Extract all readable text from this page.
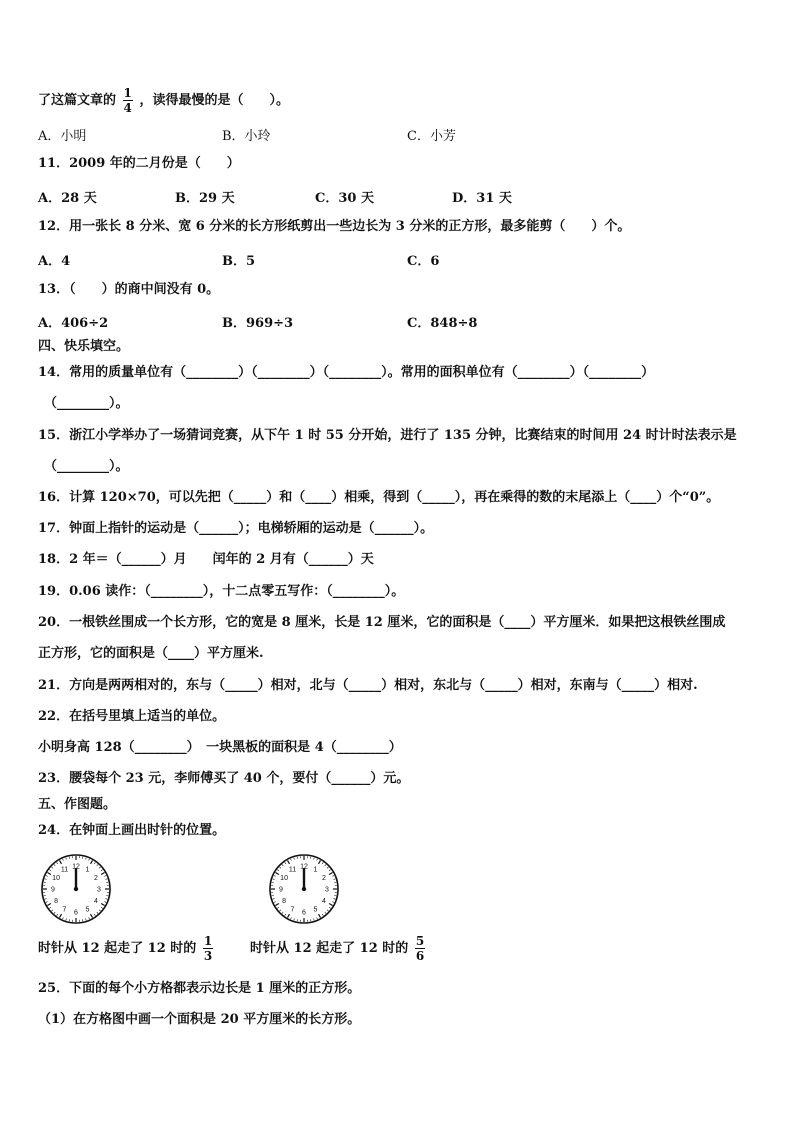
了这篇文章的 $\frac{1}{4}$ ，读得最慢的是（　　）。
A．小明	B．小玲	C．小芳
11．2009 年的二月份是（　　）
A．28 天	B．29 天	C．30 天	D．31 天
12．用一张长 8 分米、宽 6 分米的长方形纸剪出一些边长为 3 分米的正方形，最多能剪（　　）个。
A．4	B．5	C．6
13．（　　）的商中间没有 0。
A．406÷2	B．969÷3	C．848÷8
四、快乐填空。
14．常用的质量单位有（________）（________）（________）。常用的面积单位有（________）（________）
（________）。
15．浙江小学举办了一场猜词竞赛，从下午 1 时 55 分开始，进行了 135 分钟，比赛结束的时间用 24 时计时法表示是
（________）。
16．计算 120×70，可以先把（_____）和（____）相乘，得到（_____），再在乘得的数的末尾添上（____）个“0”。
17．钟面上指针的运动是（______）；电梯轿厢的运动是（______）。
18．2 年＝（______）月　　闰年的 2 月有（______）天
19．0.06 读作：（________），十二点零五写作：（________）。
20．一根铁丝围成一个长方形，它的宽是 8 厘米，长是 12 厘米，它的面积是（____）平方厘米．如果把这根铁丝围成
正方形，它的面积是（____）平方厘米.
21．方向是两两相对的，东与（_____）相对，北与（_____）相对，东北与（_____）相对，东南与（_____）相对.
22．在括号里填上适当的单位。
小明身高 128（________）　一块黑板的面积是 4（________）
23．腰袋每个 23 元，李师傅买了 40 个，要付（______）元。
五、作图题。
24．在钟面上画出时针的位置。
12 1
2
3
4
5
6
7
8
9
10
11	12 1
2
3
4
5
6
7
8
9
10
11
时针从 12 起走了 12 时的 $\frac{1}{3}$	时针从 12 起走了 12 时的 $\frac{5}{6}$
25．下面的每个小方格都表示边长是 1 厘米的正方形。
（1）在方格图中画一个面积是 20 平方厘米的长方形。
